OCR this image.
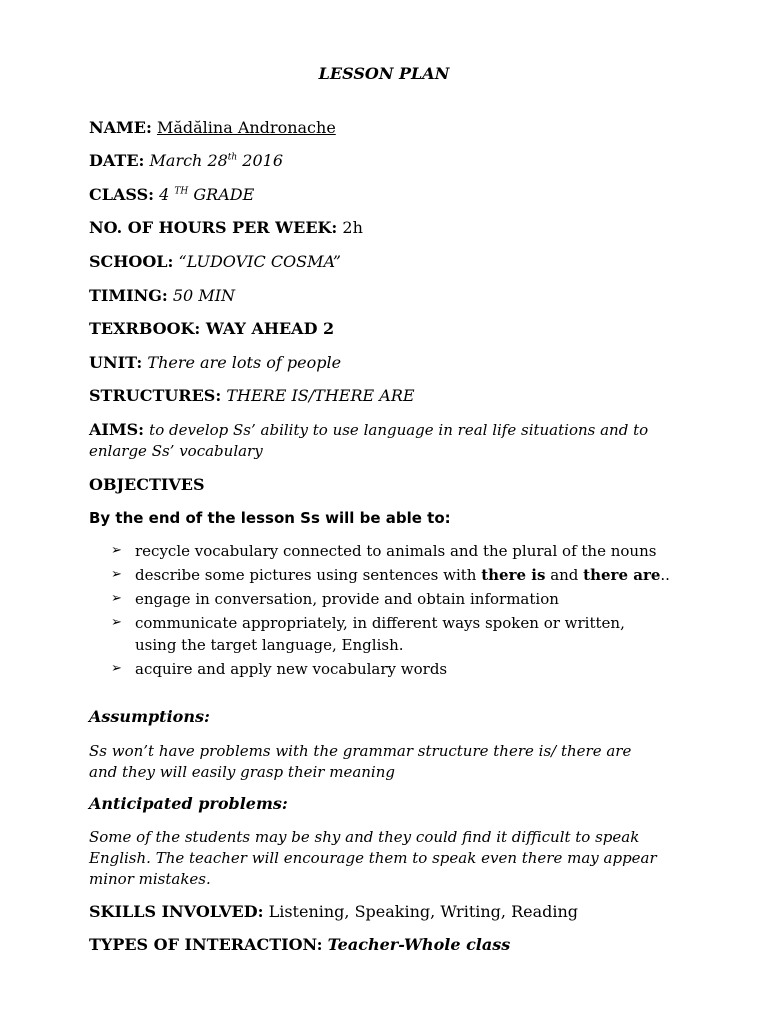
LESSON PLAN
NAME: Mădălina Andronache
DATE: March 28th 2016
CLASS: 4 $^{TH}$ GRADE
NO. OF HOURS PER WEEK: 2h
SCHOOL: “LUDOVIC COSMA”
TIMING: 50 MIN
TEXRBOOK: WAY AHEAD 2
UNIT: There are lots of people
STRUCTURES: THERE IS/THERE ARE
AIMS: to develop Ss’ ability to use language in real life situations and to
enlarge Ss’ vocabulary
OBJECTIVES
By the end of the lesson Ss will be able to:
➢ recycle vocabulary connected to animals and the plural of the nouns
➢ describe some pictures using sentences with there is and there are..
➢ engage in conversation, provide and obtain information
➢ communicate appropriately, in different ways spoken or written, using the target language, English.
➢ acquire and apply new vocabulary words
Assumptions:
Ss won’t have problems with the grammar structure there is/ there are
and they will easily grasp their meaning
Anticipated problems:
Some of the students may be shy and they could find it difficult to speak
English. The teacher will encourage them to speak even there may appear
minor mistakes.
SKILLS INVOLVED: Listening, Speaking, Writing, Reading
TYPES OF INTERACTION: Teacher-Whole class
